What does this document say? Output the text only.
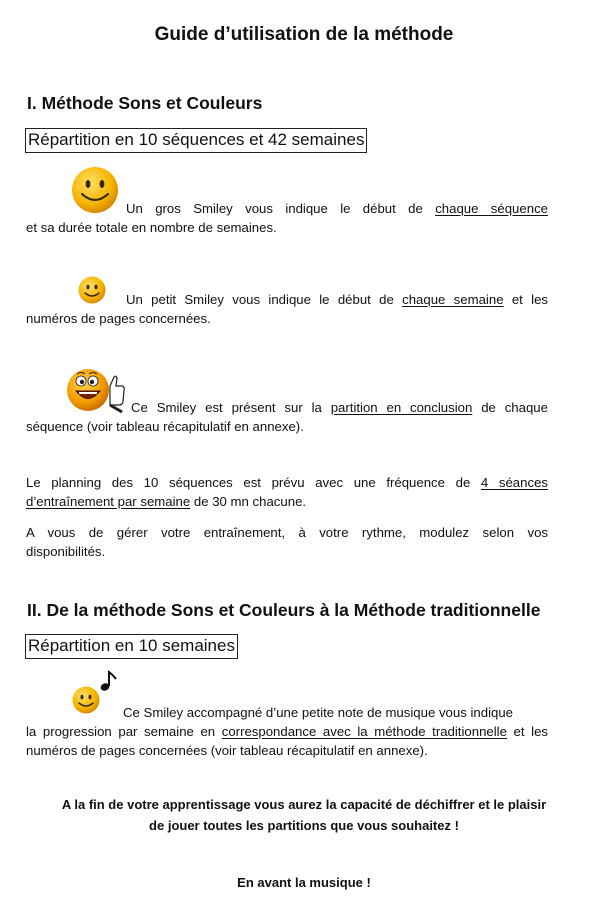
Guide d’utilisation de la méthode
I. Méthode Sons et Couleurs
Répartition en 10 séquences et 42 semaines
Un gros Smiley vous indique le début de chaque séquence
et sa durée totale en nombre de semaines.
Un petit Smiley vous indique le début de chaque semaine et les
numéros de pages concernées.
Ce Smiley est présent sur la partition en conclusion de chaque
séquence (voir tableau récapitulatif en annexe).
Le planning des 10 séquences est prévu avec une fréquence de 4 séances
d’entraînement par semaine de 30 mn chacune.
A vous de gérer votre entraînement, à votre rythme, modulez selon vos
disponibilités.
II. De la méthode Sons et Couleurs à la Méthode traditionnelle
Répartition en 10 semaines
Ce Smiley accompagné d’une petite note de musique vous indique
la progression par semaine en correspondance avec la méthode traditionnelle et les
numéros de pages concernées (voir tableau récapitulatif en annexe).
A la fin de votre apprentissage vous aurez la capacité de déchiffrer et le plaisir
de jouer toutes les partitions que vous souhaitez !
En avant la musique !
